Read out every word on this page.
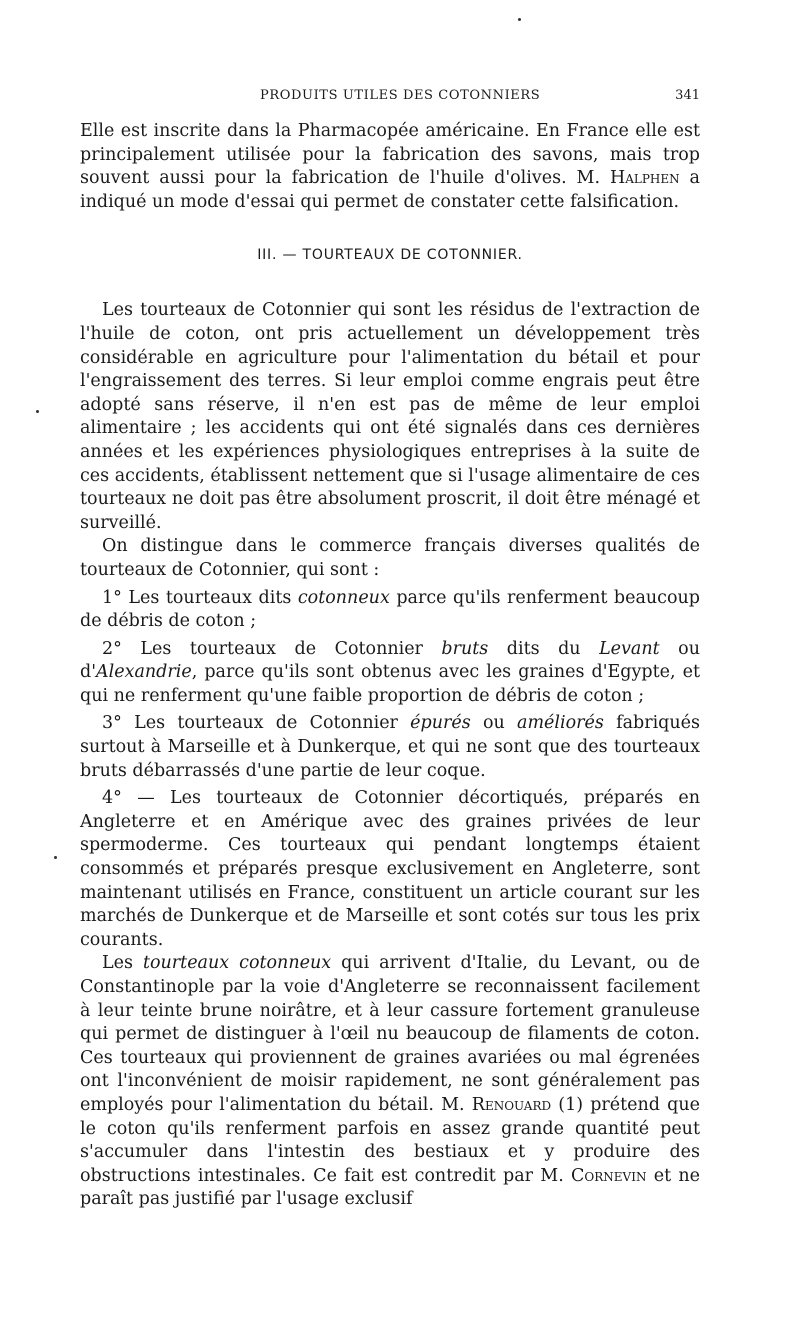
PRODUITS UTILES DES COTONNIERS	341

Elle est inscrite dans la Pharmacopée américaine. En France elle est principalement utilisée pour la fabrication des savons, mais trop souvent aussi pour la fabrication de l'huile d'olives. M. Halphen a indiqué un mode d'essai qui permet de constater cette falsification.

III. — TOURTEAUX DE COTONNIER.

Les tourteaux de Cotonnier qui sont les résidus de l'extraction de l'huile de coton, ont pris actuellement un développement très considérable en agriculture pour l'alimentation du bétail et pour l'engraissement des terres. Si leur emploi comme engrais peut être adopté sans réserve, il n'en est pas de même de leur emploi alimentaire ; les accidents qui ont été signalés dans ces dernières années et les expériences physiologiques entreprises à la suite de ces accidents, établissent nettement que si l'usage alimentaire de ces tourteaux ne doit pas être absolument proscrit, il doit être ménagé et surveillé.

On distingue dans le commerce français diverses qualités de tourteaux de Cotonnier, qui sont :

1° Les tourteaux dits cotonneux parce qu'ils renferment beaucoup de débris de coton ;

2° Les tourteaux de Cotonnier bruts dits du Levant ou d'Alexandrie, parce qu'ils sont obtenus avec les graines d'Egypte, et qui ne renferment qu'une faible proportion de débris de coton ;

3° Les tourteaux de Cotonnier épurés ou améliorés fabriqués surtout à Marseille et à Dunkerque, et qui ne sont que des tourteaux bruts débarrassés d'une partie de leur coque.

4° — Les tourteaux de Cotonnier décortiqués, préparés en Angleterre et en Amérique avec des graines privées de leur spermoderme. Ces tourteaux qui pendant longtemps étaient consommés et préparés presque exclusivement en Angleterre, sont maintenant utilisés en France, constituent un article courant sur les marchés de Dunkerque et de Marseille et sont cotés sur tous les prix courants.

Les tourteaux cotonneux qui arrivent d'Italie, du Levant, ou de Constantinople par la voie d'Angleterre se reconnaissent facilement à leur teinte brune noirâtre, et à leur cassure fortement granuleuse qui permet de distinguer à l'œil nu beaucoup de filaments de coton. Ces tourteaux qui proviennent de graines avariées ou mal égrenées ont l'inconvénient de moisir rapidement, ne sont généralement pas employés pour l'alimentation du bétail. M. Renouard (1) prétend que le coton qu'ils renferment parfois en assez grande quantité peut s'accumuler dans l'intestin des bestiaux et y produire des obstructions intestinales. Ce fait est contredit par M. Cornevin et ne paraît pas justifié par l'usage exclusif
